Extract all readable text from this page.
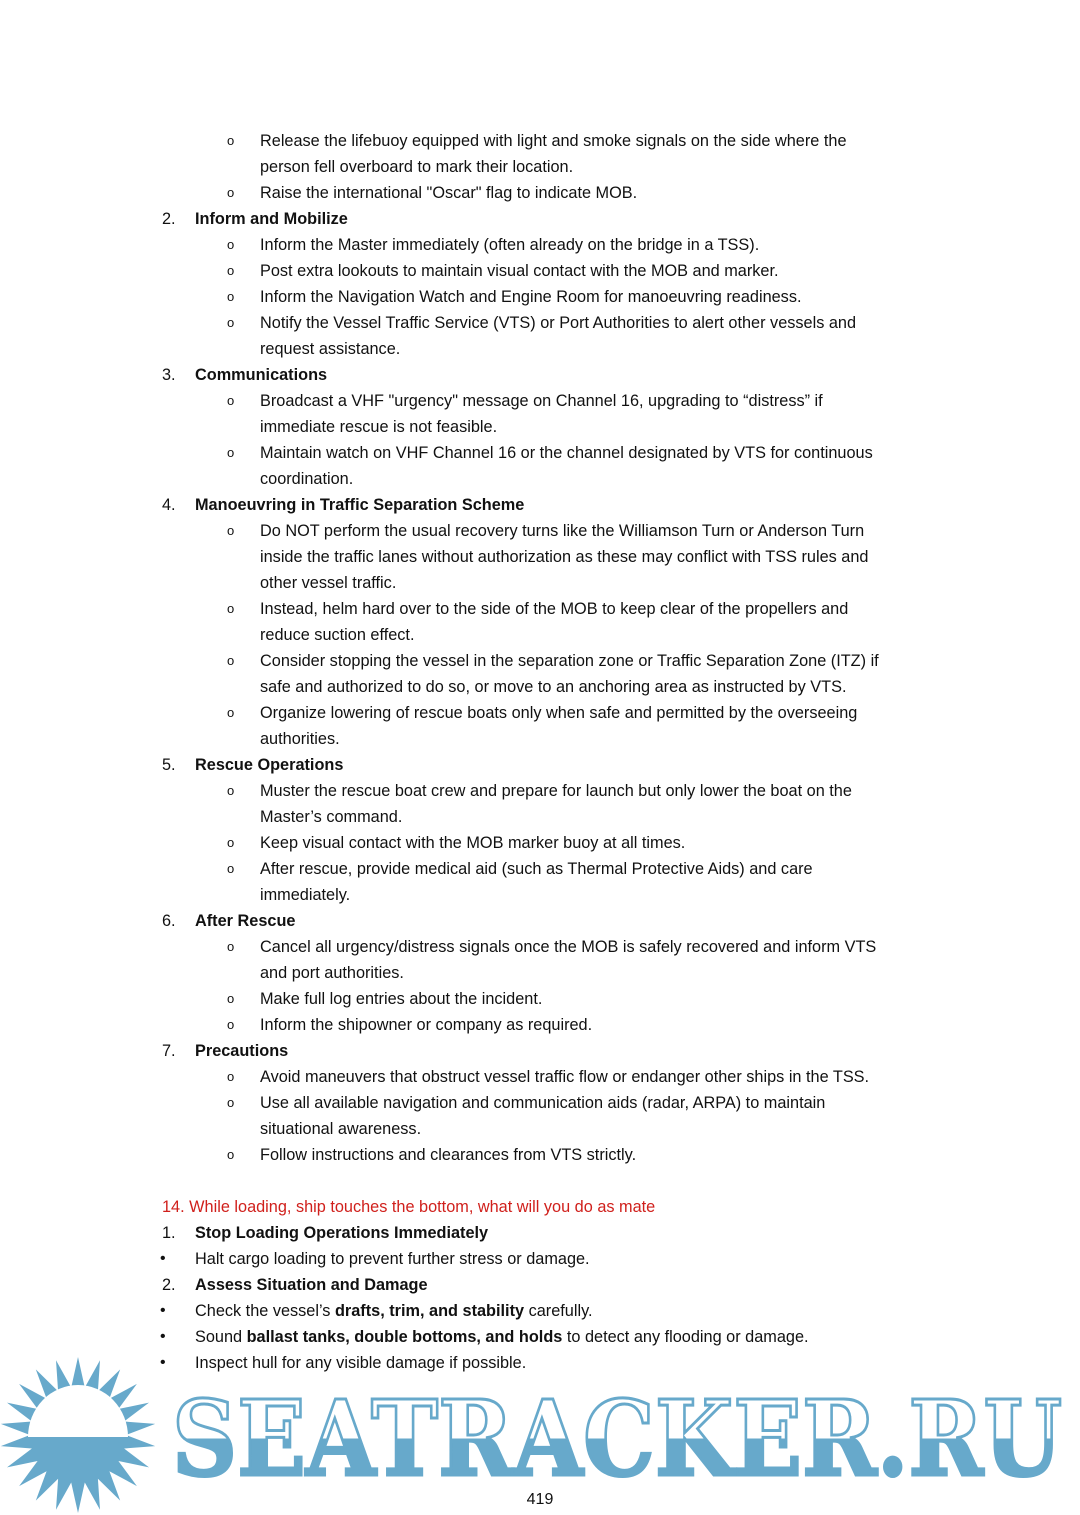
o Release the lifebuoy equipped with light and smoke signals on the side where the
person fell overboard to mark their location.
o Raise the international "Oscar" flag to indicate MOB.
2. Inform and Mobilize
o Inform the Master immediately (often already on the bridge in a TSS).
o Post extra lookouts to maintain visual contact with the MOB and marker.
o Inform the Navigation Watch and Engine Room for manoeuvring readiness.
o Notify the Vessel Traffic Service (VTS) or Port Authorities to alert other vessels and
request assistance.
3. Communications
o Broadcast a VHF "urgency" message on Channel 16, upgrading to “distress” if
immediate rescue is not feasible.
o Maintain watch on VHF Channel 16 or the channel designated by VTS for continuous
coordination.
4. Manoeuvring in Traffic Separation Scheme
o Do NOT perform the usual recovery turns like the Williamson Turn or Anderson Turn
inside the traffic lanes without authorization as these may conflict with TSS rules and
other vessel traffic.
o Instead, helm hard over to the side of the MOB to keep clear of the propellers and
reduce suction effect.
o Consider stopping the vessel in the separation zone or Traffic Separation Zone (ITZ) if
safe and authorized to do so, or move to an anchoring area as instructed by VTS.
o Organize lowering of rescue boats only when safe and permitted by the overseeing
authorities.
5. Rescue Operations
o Muster the rescue boat crew and prepare for launch but only lower the boat on the
Master’s command.
o Keep visual contact with the MOB marker buoy at all times.
o After rescue, provide medical aid (such as Thermal Protective Aids) and care
immediately.
6. After Rescue
o Cancel all urgency/distress signals once the MOB is safely recovered and inform VTS
and port authorities.
o Make full log entries about the incident.
o Inform the shipowner or company as required.
7. Precautions
o Avoid maneuvers that obstruct vessel traffic flow or endanger other ships in the TSS.
o Use all available navigation and communication aids (radar, ARPA) to maintain
situational awareness.
o Follow instructions and clearances from VTS strictly.
14. While loading, ship touches the bottom, what will you do as mate
1. Stop Loading Operations Immediately
• Halt cargo loading to prevent further stress or damage.
2. Assess Situation and Damage
• Check the vessel’s drafts, trim, and stability carefully.
• Sound ballast tanks, double bottoms, and holds to detect any flooding or damage.
• Inspect hull for any visible damage if possible.
SEATRACKER.RU
419
